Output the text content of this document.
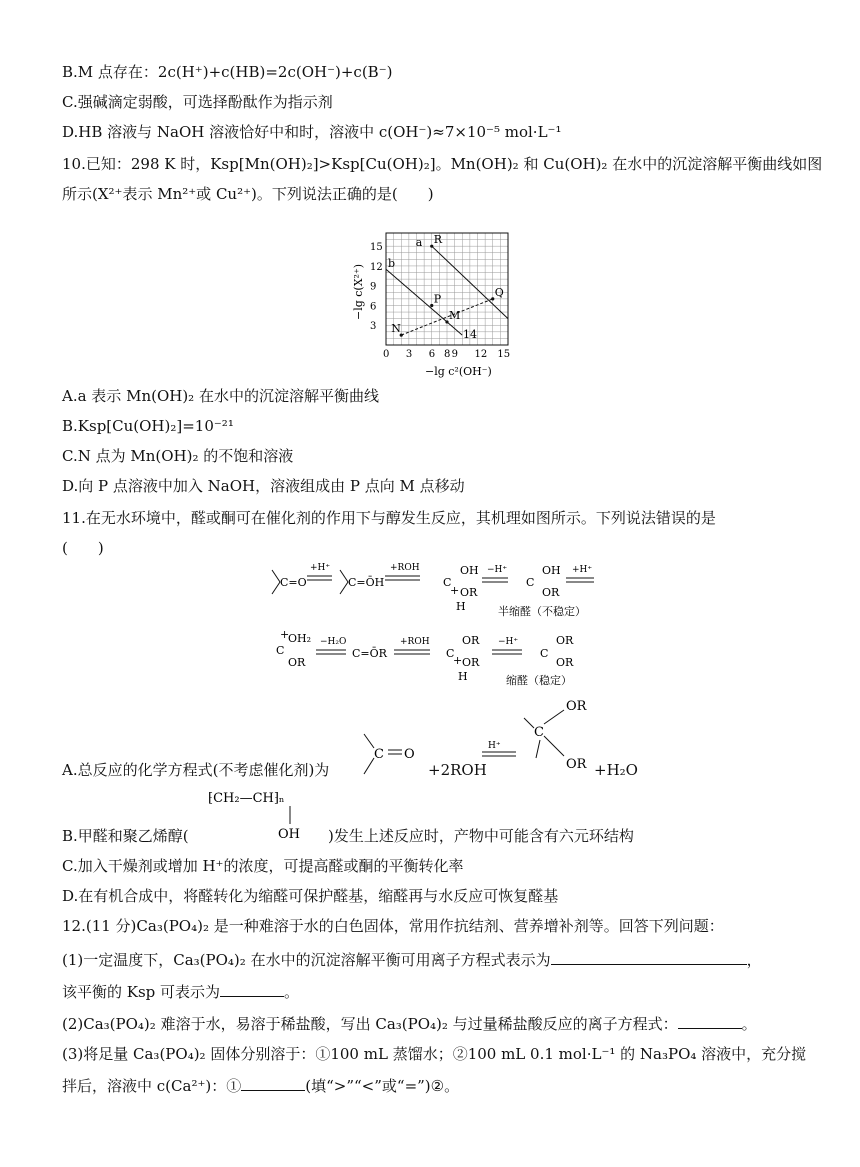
B.M 点存在：2c(H⁺)+c(HB)=2c(OH⁻)+c(B⁻)
C.强碱滴定弱酸，可选择酚酞作为指示剂
D.HB 溶液与 NaOH 溶液恰好中和时，溶液中 c(OH⁻)≈7×10⁻⁵ mol·L⁻¹
10.已知：298 K 时，Ksp[Mn(OH)₂]>Ksp[Cu(OH)₂]。Mn(OH)₂ 和 Cu(OH)₂ 在水中的沉淀溶解平衡曲线如图
所示(X²⁺表示 Mn²⁺或 Cu²⁺)。下列说法正确的是(　　)
a
b
0 3 6 8 9 12 15
3
6
9
12
15
R
P
M
Q
N
−lg c(X²⁺)
−lg c²(OH⁻)
14
A.a 表示 Mn(OH)₂ 在水中的沉淀溶解平衡曲线
B.Ksp[Cu(OH)₂]=10⁻²¹
C.N 点为 Mn(OH)₂ 的不饱和溶液
D.向 P 点溶液中加入 NaOH，溶液组成由 P 点向 M 点移动
11.在无水环境中，醛或酮可在催化剂的作用下与醇发生反应，其机理如图所示。下列说法错误的是
(　　)
C=O
+H⁺
C=ŌH
+ROH
C
OH
OR
+
H
−H⁺
C
OH
OR
+H⁺
半缩醛（不稳定）
+
OH₂
C
OR
−H₂O
C=ŌR
+ROH
C
OR
OR
+
H
−H⁺
C
OR
OR
缩醛（稳定）
A.总反应的化学方程式(不考虑催化剂)为
C O
+2ROH
H⁺
OR
C
OR +H₂O
B.甲醛和聚乙烯醇(
⁅CH₂—CH⁆ₙ
OH )发生上述反应时，产物中可能含有六元环结构
C.加入干燥剂或增加 H⁺的浓度，可提高醛或酮的平衡转化率
D.在有机合成中，将醛转化为缩醛可保护醛基，缩醛再与水反应可恢复醛基
12.(11 分)Ca₃(PO₄)₂ 是一种难溶于水的白色固体，常用作抗结剂、营养增补剂等。回答下列问题：
(1)一定温度下，Ca₃(PO₄)₂ 在水中的沉淀溶解平衡可用离子方程式表示为	，
该平衡的 Ksp 可表示为	。
(2)Ca₃(PO₄)₂ 难溶于水，易溶于稀盐酸，写出 Ca₃(PO₄)₂ 与过量稀盐酸反应的离子方程式：	。
(3)将足量 Ca₃(PO₄)₂ 固体分别溶于：①100 mL 蒸馏水；②100 mL 0.1 mol·L⁻¹ 的 Na₃PO₄ 溶液中，充分搅
拌后，溶液中 c(Ca²⁺)：①	(填“>”“<”或“=”)②。
